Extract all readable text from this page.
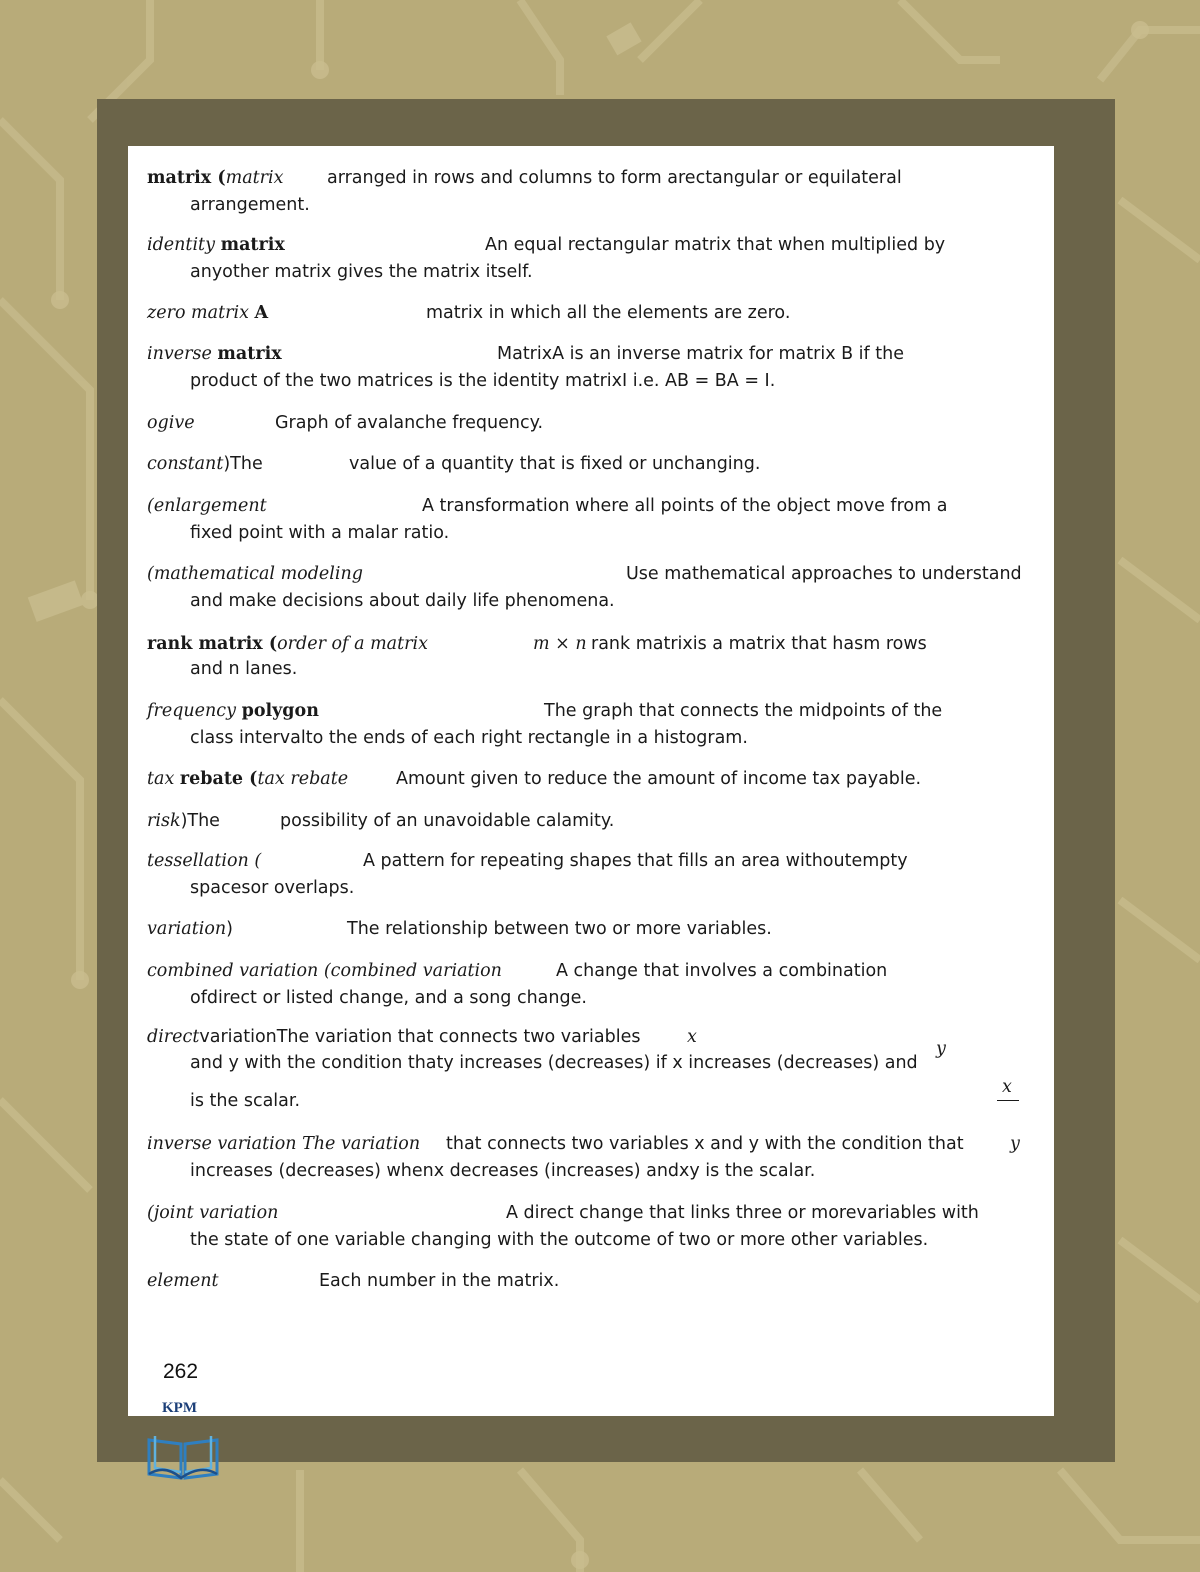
matrix (matrix arranged in rows and columns to form arectangular or equilateral
arrangement.
identity matrix	An equal rectangular matrix that when multiplied by
anyother matrix gives the matrix itself.
zero matrix A	matrix in which all the elements are zero.
inverse matrix	MatrixA is an inverse matrix for matrix B if the
product of the two matrices is the identity matrixI i.e. AB = BA = I.
ogive	Graph of avalanche frequency.
constant)The	value of a quantity that is fixed or unchanging.
(enlargement	A transformation where all points of the object move from a
fixed point with a malar ratio.
(mathematical modeling	Use mathematical approaches to understand
and make decisions about daily life phenomena.
rank matrix (order of a matrix	m × n rank matrixis a matrix that hasm rows
and n lanes.
frequency polygon	The graph that connects the midpoints of the
class intervalto the ends of each right rectangle in a histogram.
tax rebate (tax rebate	Amount given to reduce the amount of income tax payable.
risk)The	possibility of an unavoidable calamity.
tessellation (	A pattern for repeating shapes that fills an area withoutempty
spacesor overlaps.
variation)	The relationship between two or more variables.
combined variation (combined variation	A change that involves a combination
ofdirect or listed change, and a song change.
directvariationThe variation that connects two variables	x
and y with the condition thaty increases (decreases) if x increases (decreases) and
y
x
is the scalar.
inverse variation The variation that connects two variables x and y with the condition that	y
increases (decreases) whenx decreases (increases) andxy is the scalar.
(joint variation	A direct change that links three or morevariables with
the state of one variable changing with the outcome of two or more other variables.
element	Each number in the matrix.
262
KPM
